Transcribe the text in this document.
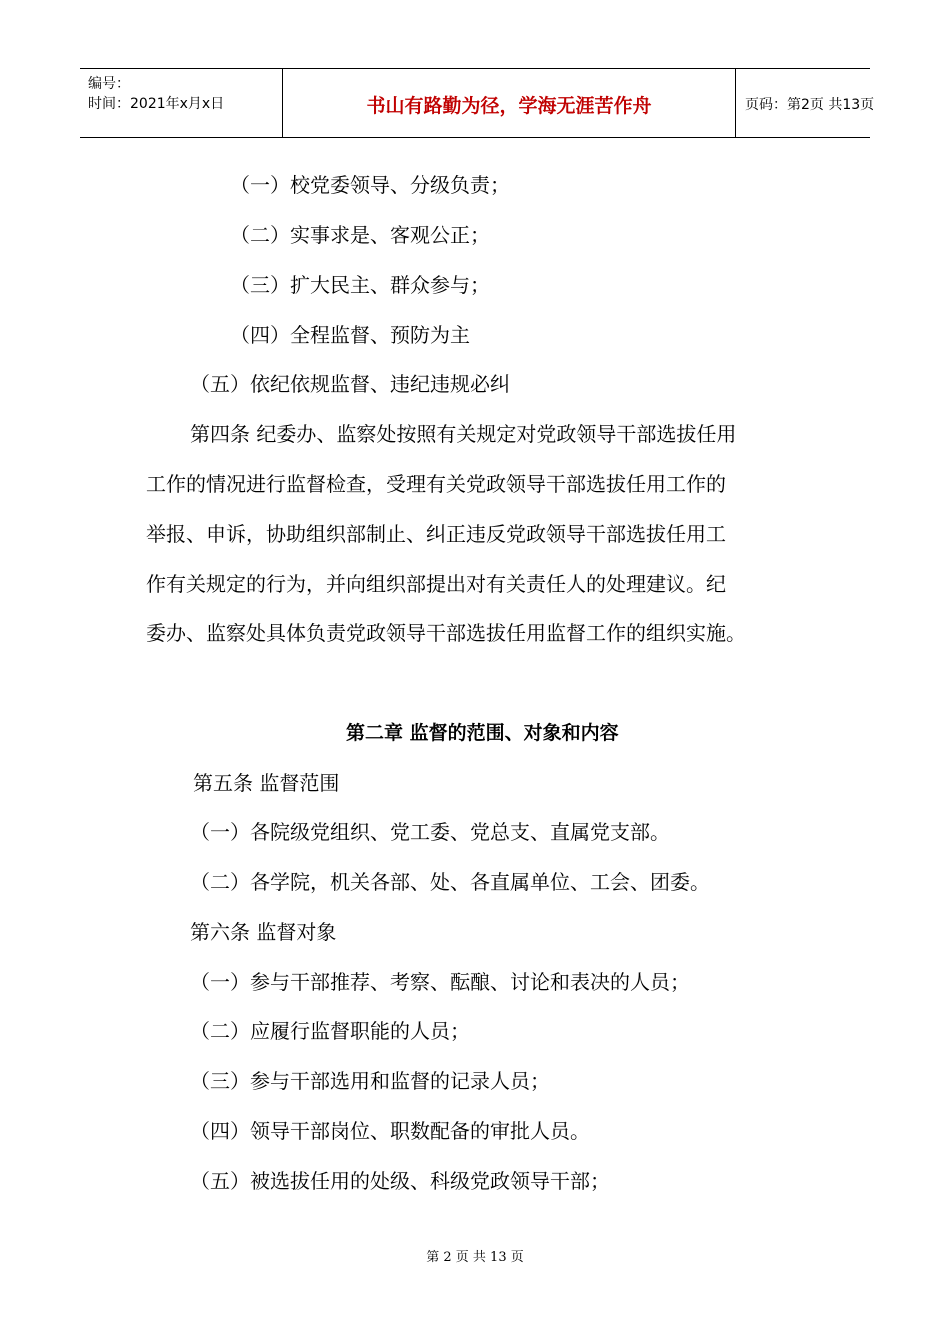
编号：
时间：2021年x月x日	书山有路勤为径，学海无涯苦作舟	页码：第2页 共13页
（一）校党委领导、分级负责；
（二）实事求是、客观公正；
（三）扩大民主、群众参与；
（四）全程监督、预防为主
（五）依纪依规监督、违纪违规必纠
第四条 纪委办、监察处按照有关规定对党政领导干部选拔任用
工作的情况进行监督检查，受理有关党政领导干部选拔任用工作的
举报、申诉，协助组织部制止、纠正违反党政领导干部选拔任用工
作有关规定的行为，并向组织部提出对有关责任人的处理建议。纪
委办、监察处具体负责党政领导干部选拔任用监督工作的组织实施。
第二章 监督的范围、对象和内容
第五条 监督范围
（一）各院级党组织、党工委、党总支、直属党支部。
（二）各学院，机关各部、处、各直属单位、工会、团委。
第六条 监督对象
（一）参与干部推荐、考察、酝酿、讨论和表决的人员；
（二）应履行监督职能的人员；
（三）参与干部选用和监督的记录人员；
（四）领导干部岗位、职数配备的审批人员。
（五）被选拔任用的处级、科级党政领导干部；
第 2 页 共 13 页
